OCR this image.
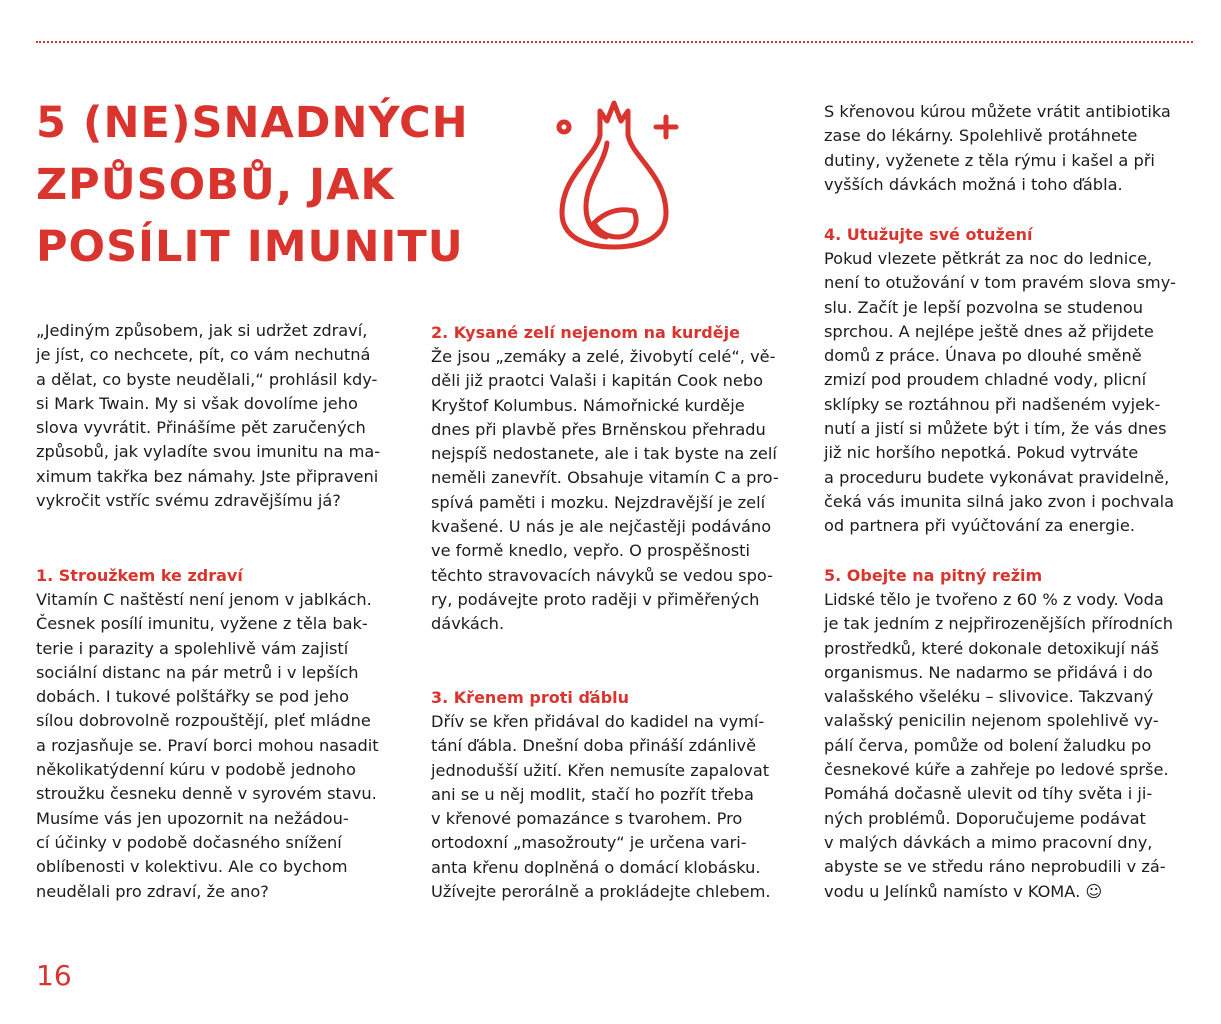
5 (NE)SNADNÝCH
ZPŮSOBŮ, JAK
POSÍLIT IMUNITU

„Jediným způsobem, jak si udržet zdraví,
je jíst, co nechcete, pít, co vám nechutná
a dělat, co byste neudělali,“ prohlásil kdy-
si Mark Twain. My si však dovolíme jeho
slova vyvrátit. Přinášíme pět zaručených
způsobů, jak vyladíte svou imunitu na ma-
ximum takřka bez námahy. Jste připraveni
vykročit vstříc svému zdravějšímu já?

1. Stroužkem ke zdraví

Vitamín C naštěstí není jenom v jablkách.
Česnek posílí imunitu, vyžene z těla bak-
terie i parazity a spolehlivě vám zajistí
sociální distanc na pár metrů i v lepších
dobách. I tukové polštářky se pod jeho
sílou dobrovolně rozpouštějí, pleť mládne
a rozjasňuje se. Praví borci mohou nasadit
několikatýdenní kúru v podobě jednoho
stroužku česneku denně v syrovém stavu.
Musíme vás jen upozornit na nežádou-
cí účinky v podobě dočasného snížení
oblíbenosti v kolektivu. Ale co bychom
neudělali pro zdraví, že ano?

2. Kysané zelí nejenom na kurděje

Že jsou „zemáky a zelé, živobytí celé“, vě-
děli již praotci Valaši i kapitán Cook nebo
Kryštof Kolumbus. Námořnické kurděje
dnes při plavbě přes Brněnskou přehradu
nejspíš nedostanete, ale i tak byste na zelí
neměli zanevřít. Obsahuje vitamín C a pro-
spívá paměti i mozku. Nejzdravější je zelí
kvašené. U nás je ale nejčastěji podáváno
ve formě knedlo, vepřo. O prospěšnosti
těchto stravovacích návyků se vedou spo-
ry, podávejte proto raději v přiměřených
dávkách.

3. Křenem proti ďáblu

Dřív se křen přidával do kadidel na vymí-
tání ďábla. Dnešní doba přináší zdánlivě
jednodušší užití. Křen nemusíte zapalovat
ani se u něj modlit, stačí ho pozřít třeba
v křenové pomazánce s tvarohem. Pro
ortodoxní „masožrouty“ je určena vari-
anta křenu doplněná o domácí klobásku.
Užívejte perorálně a prokládejte chlebem.

S křenovou kúrou můžete vrátit antibiotika
zase do lékárny. Spolehlivě protáhnete
dutiny, vyženete z těla rýmu i kašel a při
vyšších dávkách možná i toho ďábla.

4. Utužujte své otužení

Pokud vlezete pětkrát za noc do lednice,
není to otužování v tom pravém slova smy-
slu. Začít je lepší pozvolna se studenou
sprchou. A nejlépe ještě dnes až přijdete
domů z práce. Únava po dlouhé směně
zmizí pod proudem chladné vody, plicní
sklípky se roztáhnou při nadšeném vyjek-
nutí a jistí si můžete být i tím, že vás dnes
již nic horšího nepotká. Pokud vytrváte
a proceduru budete vykonávat pravidelně,
čeká vás imunita silná jako zvon i pochvala
od partnera při vyúčtování za energie.

5. Obejte na pitný režim

Lidské tělo je tvořeno z 60 % z vody. Voda
je tak jedním z nejpřirozenějších přírodních
prostředků, které dokonale detoxikují náš
organismus. Ne nadarmo se přidává i do
valašského všeléku – slivovice. Takzvaný
valašský penicilin nejenom spolehlivě vy-
pálí červa, pomůže od bolení žaludku po
česnekové kúře a zahřeje po ledové sprše.
Pomáhá dočasně ulevit od tíhy světa i ji-
ných problémů. Doporučujeme podávat
v malých dávkách a mimo pracovní dny,
abyste se ve středu ráno neprobudili v zá-
vodu u Jelínků namísto v KOMA. ☺

16
